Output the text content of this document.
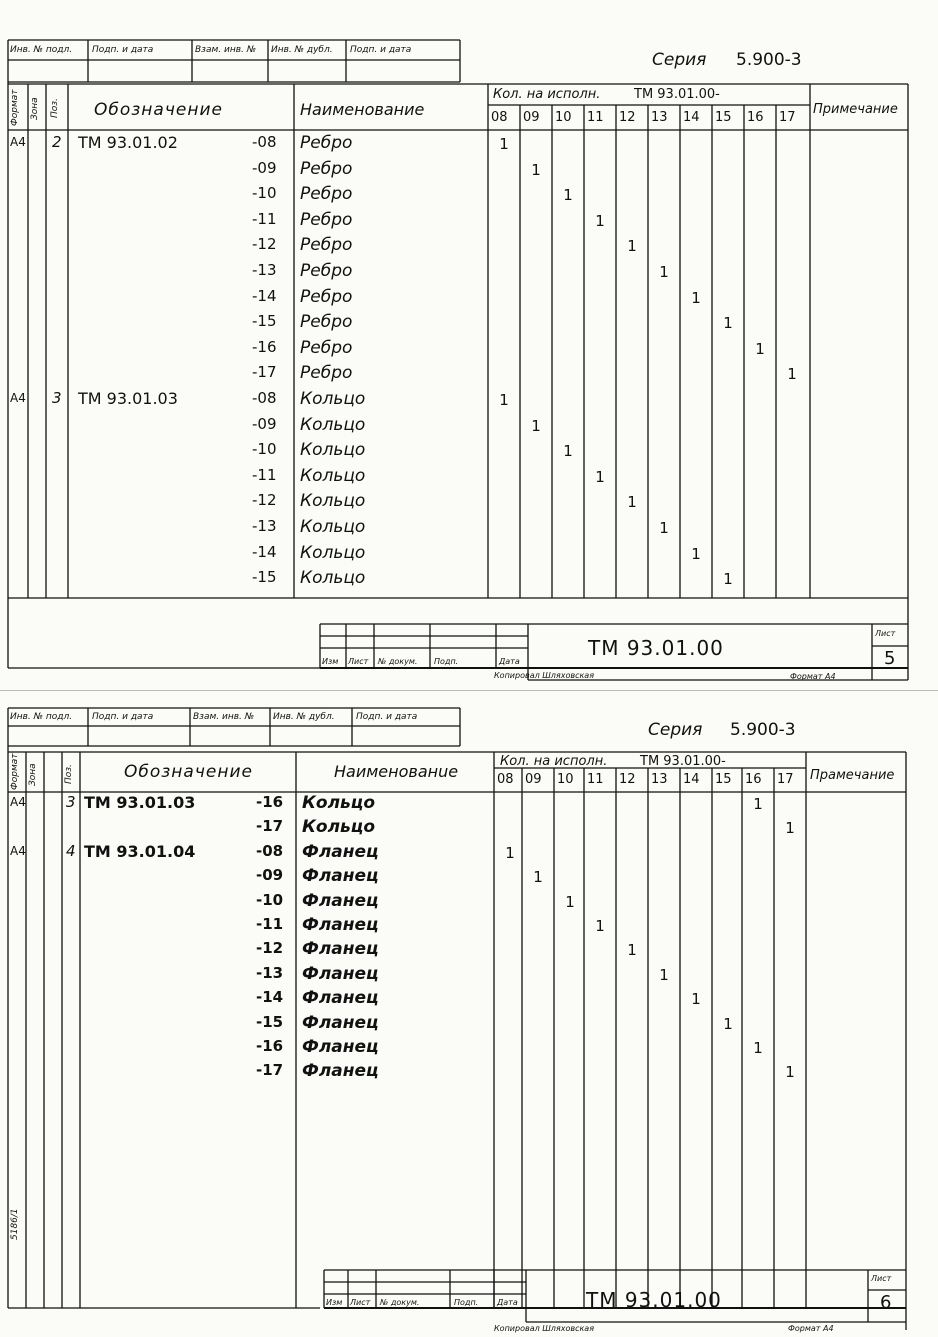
Инв. № подл. Подп. и дата	Взам. инв. № Инв. № дубл. Подп. и дата	Серия 5.900-3
Формат Зона Поз. Обозначение	Наименование
Кол. на исполн.	ТМ 93.01.00-
Примечание
08 09 10 11 12 13 14 15 16 17
А4 2 ТМ 93.01.02	-08 Ребро	1
-09 Ребро	1
-10 Ребро	1
-11 Ребро	1
-12 Ребро	1
-13 Ребро	1
-14 Ребро	1
-15 Ребро	1
-16 Ребро	1
-17 Ребро	1
А4 3 ТМ 93.01.03	-08 Кольцо	1
-09 Кольцо	1
-10 Кольцо	1
-11 Кольцо	1
-12 Кольцо	1
-13 Кольцо	1
-14 Кольцо	1
-15 Кольцо	1
Изм Лист № докум. Подп.	Дата
ТМ 93.01.00
Лист
5
Копировал Шляховская	Формат А4
Инв. № подл. Подп. и дата	Взам. инв. № Инв. № дубл. Подп. и дата
Серия 5.900-3
Формат Зона	Поз.	Обозначение	Наименованuе
Кол. на исполн.	ТМ 93.01.00-
Прамечание
08 09 10 11 12 13 14 15 16 17
А4	3 ТМ 93.01.03	-16 Кольцо	1
-17 Кольцо	1
А4	4 ТМ 93.01.04	-08 Фланец	1
-09 Фланец	1
-10 Фланец	1
-11 Фланец	1
-12 Фланец	1
-13 Фланец	1
-14 Фланец	1
-15 Фланец	1
-16 Фланец	1
-17 Фланец	1
5186/1
Изм Лист № докум.	Подп. Дата	ТМ 93.01.00
Лист
6
Копировал Шляховская	Формат А4
